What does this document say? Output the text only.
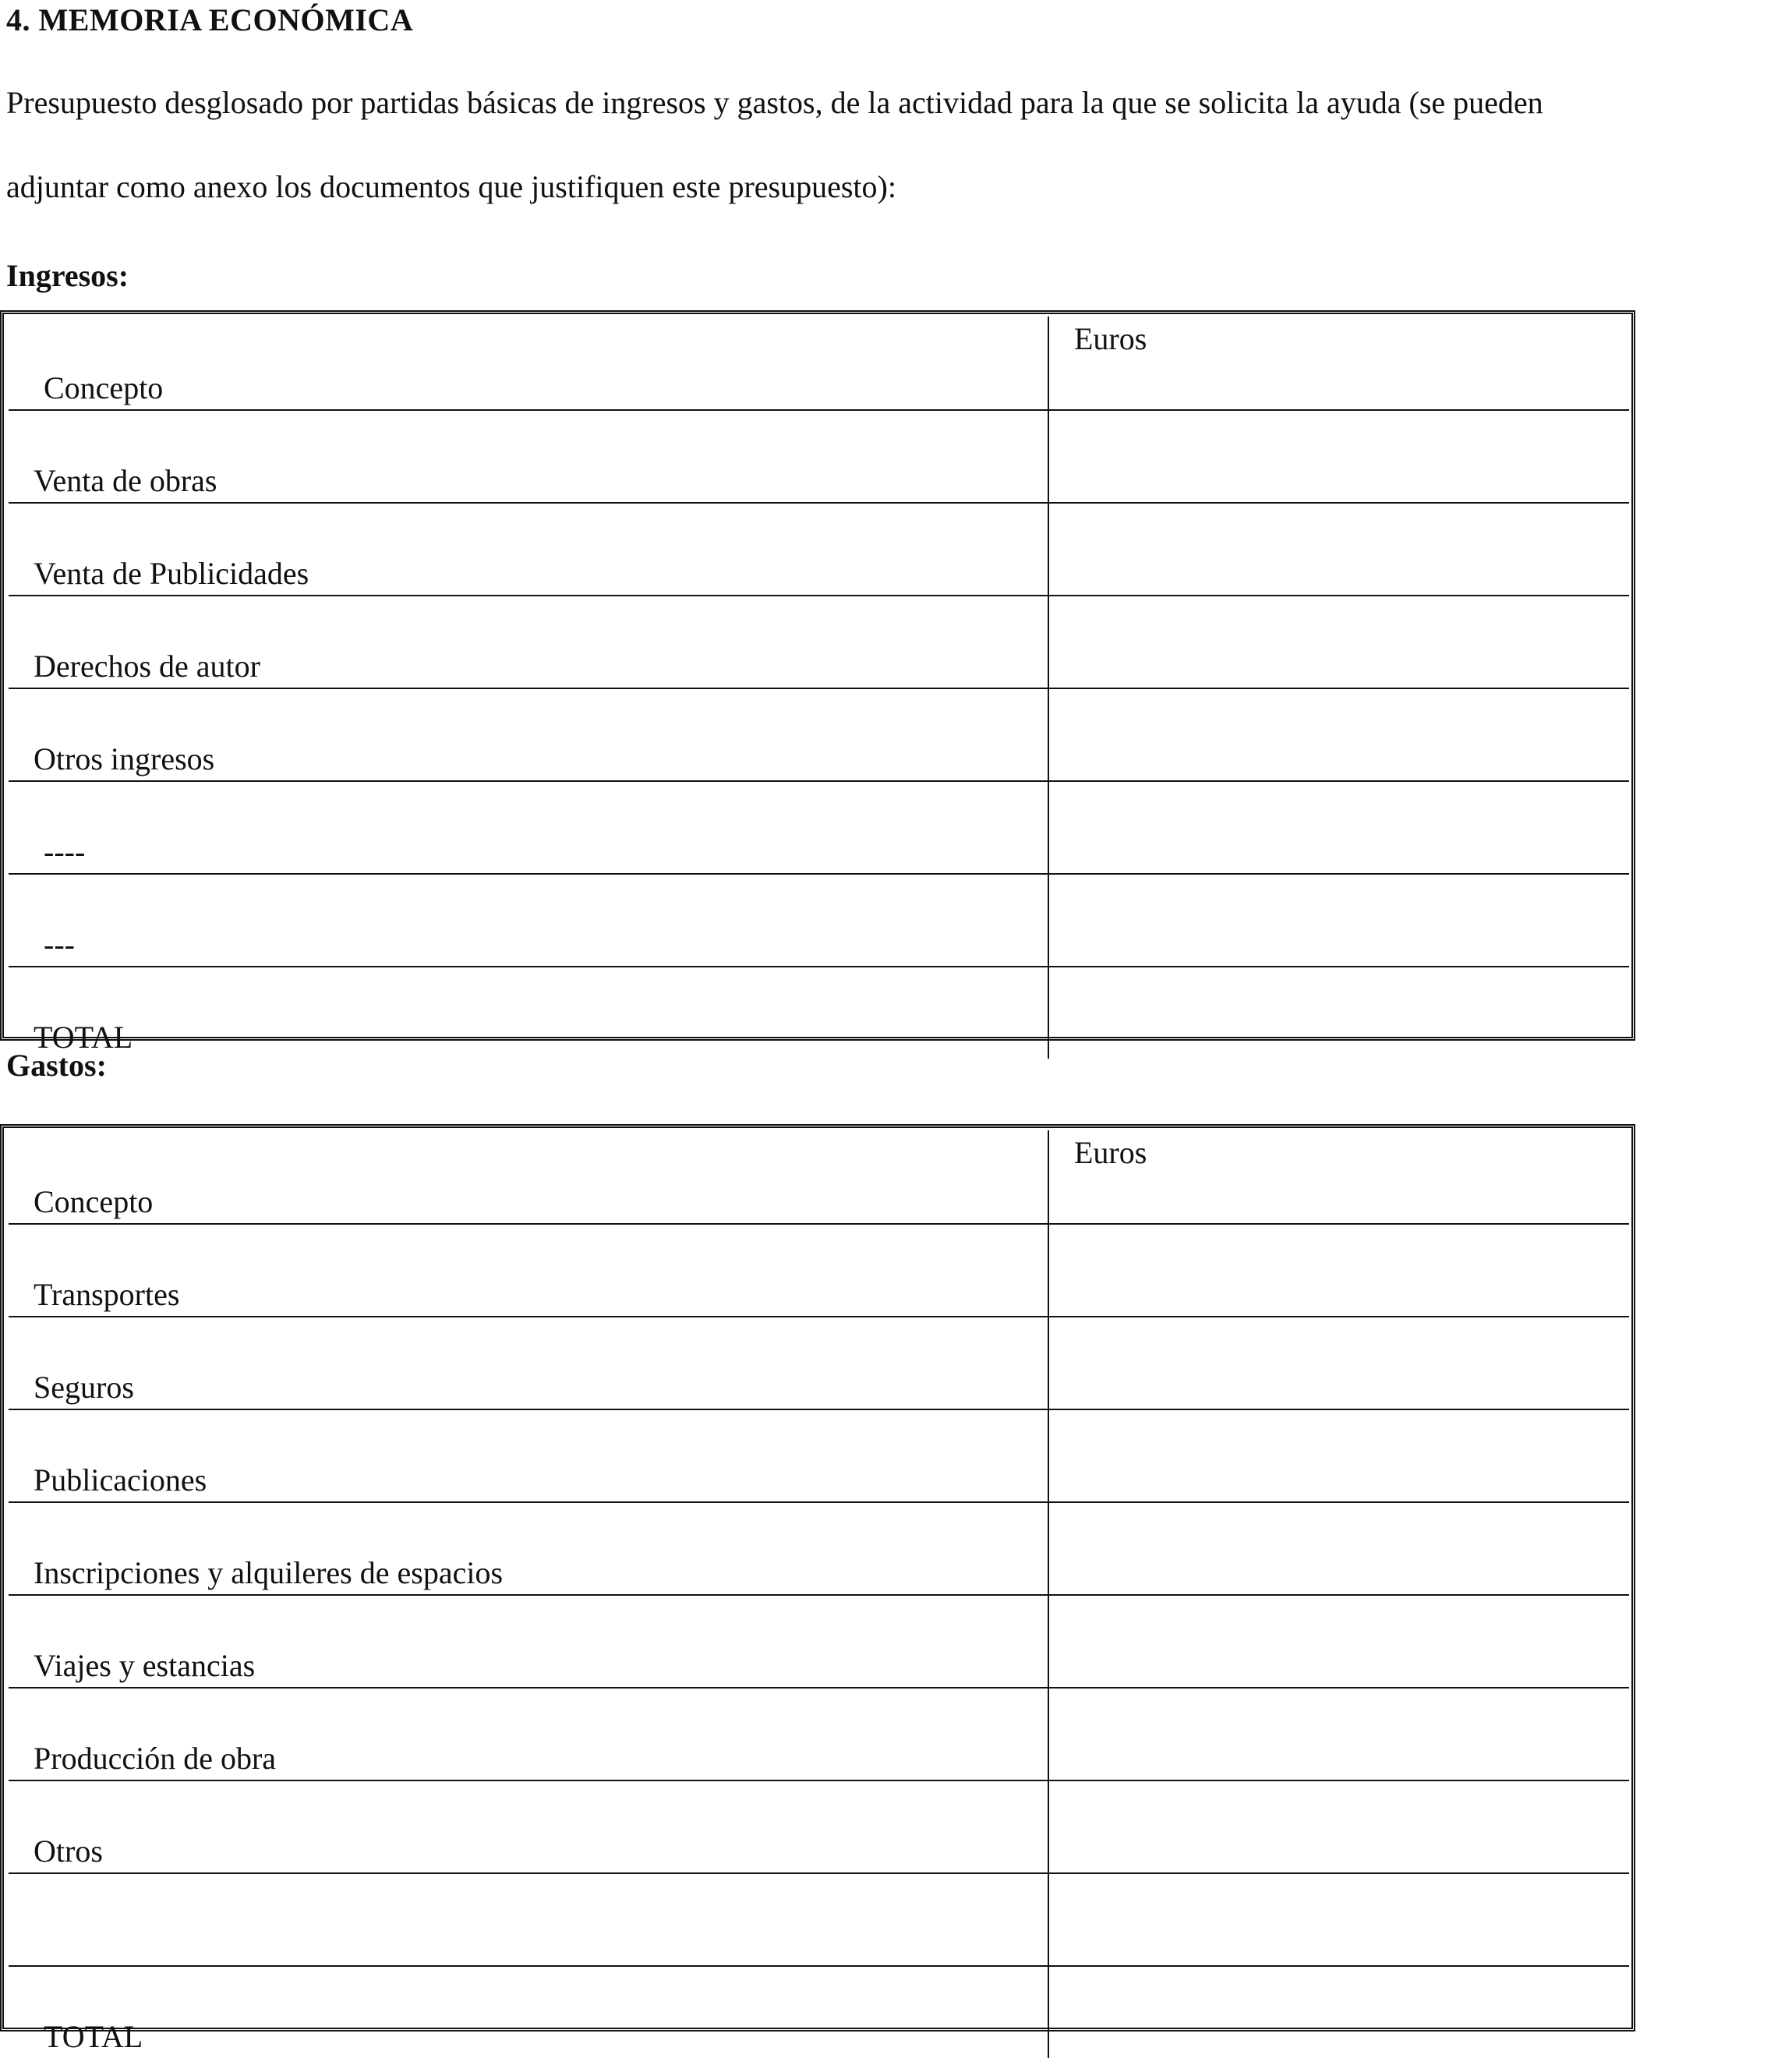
4. MEMORIA ECONÓMICA

Presupuesto desglosado por partidas básicas de ingresos y gastos, de la actividad para la que se solicita la ayuda (se pueden

adjuntar como anexo los documentos que justifiquen este presupuesto):

Ingresos:
Concepto	Euros
Venta de obras	
Venta de Publicidades	
Derechos de autor	
Otros ingresos	
----	
---	
TOTAL	
Gastos:
Concepto	Euros
Transportes	
Seguros	
Publicaciones	
Inscripciones y alquileres de espacios	
Viajes y estancias	
Producción de obra	
Otros	

TOTAL	
